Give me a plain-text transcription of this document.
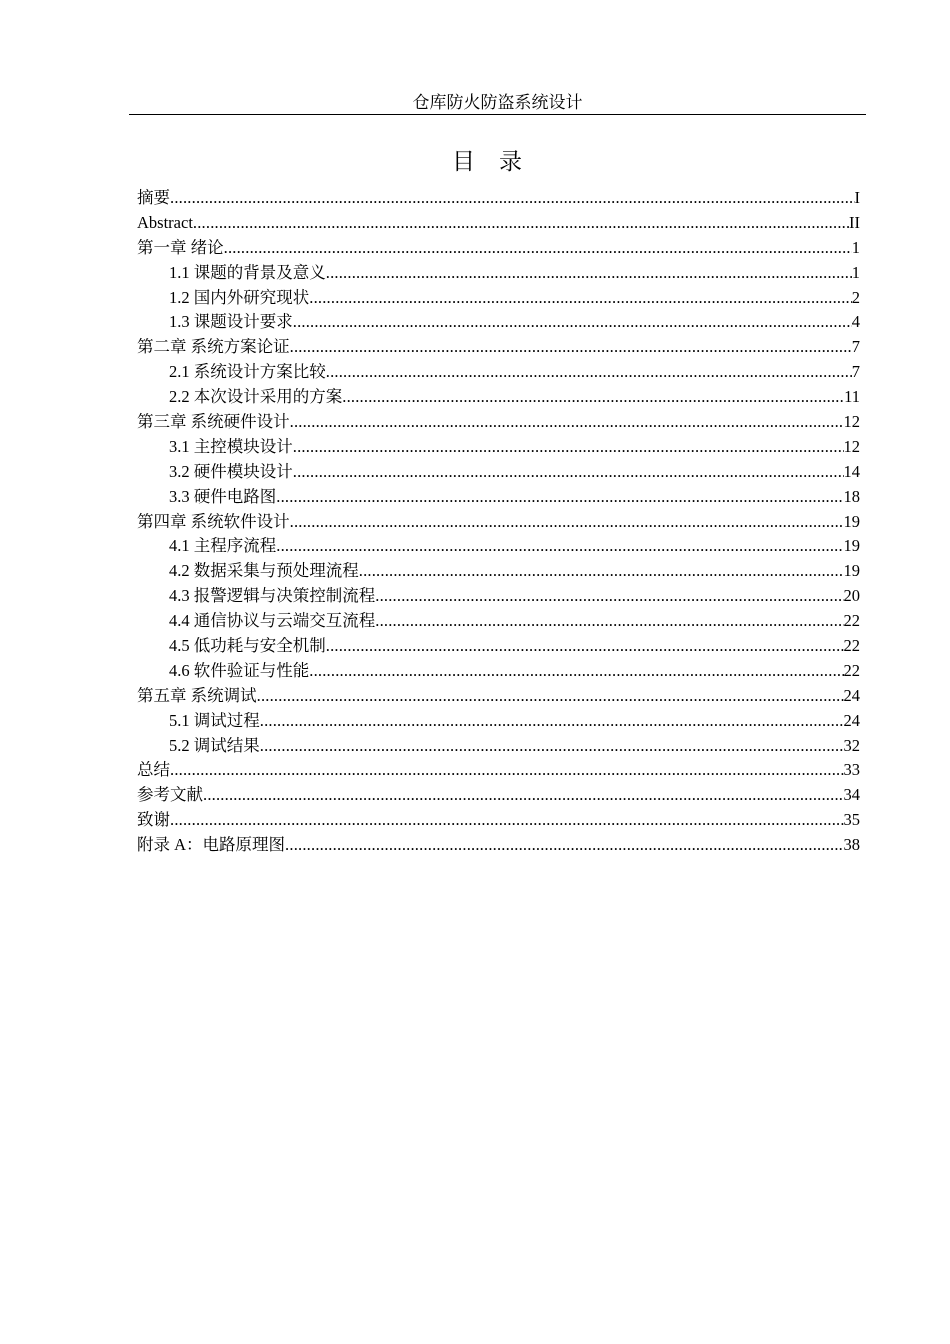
仓库防火防盗系统设计
目录
摘要 .....	I
Abstract .....	II
第一章 绪论 .....	1
1.1 课题的背景及意义 .....	1
1.2 国内外研究现状 .....	2
1.3 课题设计要求 .....	4
第二章 系统方案论证 .....	7
2.1 系统设计方案比较 .....	7
2.2 本次设计采用的方案 .....	11
第三章 系统硬件设计 .....	12
3.1 主控模块设计 .....	12
3.2 硬件模块设计 .....	14
3.3 硬件电路图 .....	18
第四章 系统软件设计 .....	19
4.1 主程序流程 .....	19
4.2 数据采集与预处理流程 .....	19
4.3 报警逻辑与决策控制流程 .....	20
4.4 通信协议与云端交互流程 .....	22
4.5 低功耗与安全机制 .....	22
4.6 软件验证与性能 .....	22
第五章 系统调试 .....	24
5.1 调试过程 .....	24
5.2 调试结果 .....	32
总结 .....	33
参考文献 .....	34
致谢 .....	35
附录 A：电路原理图 .....	38
